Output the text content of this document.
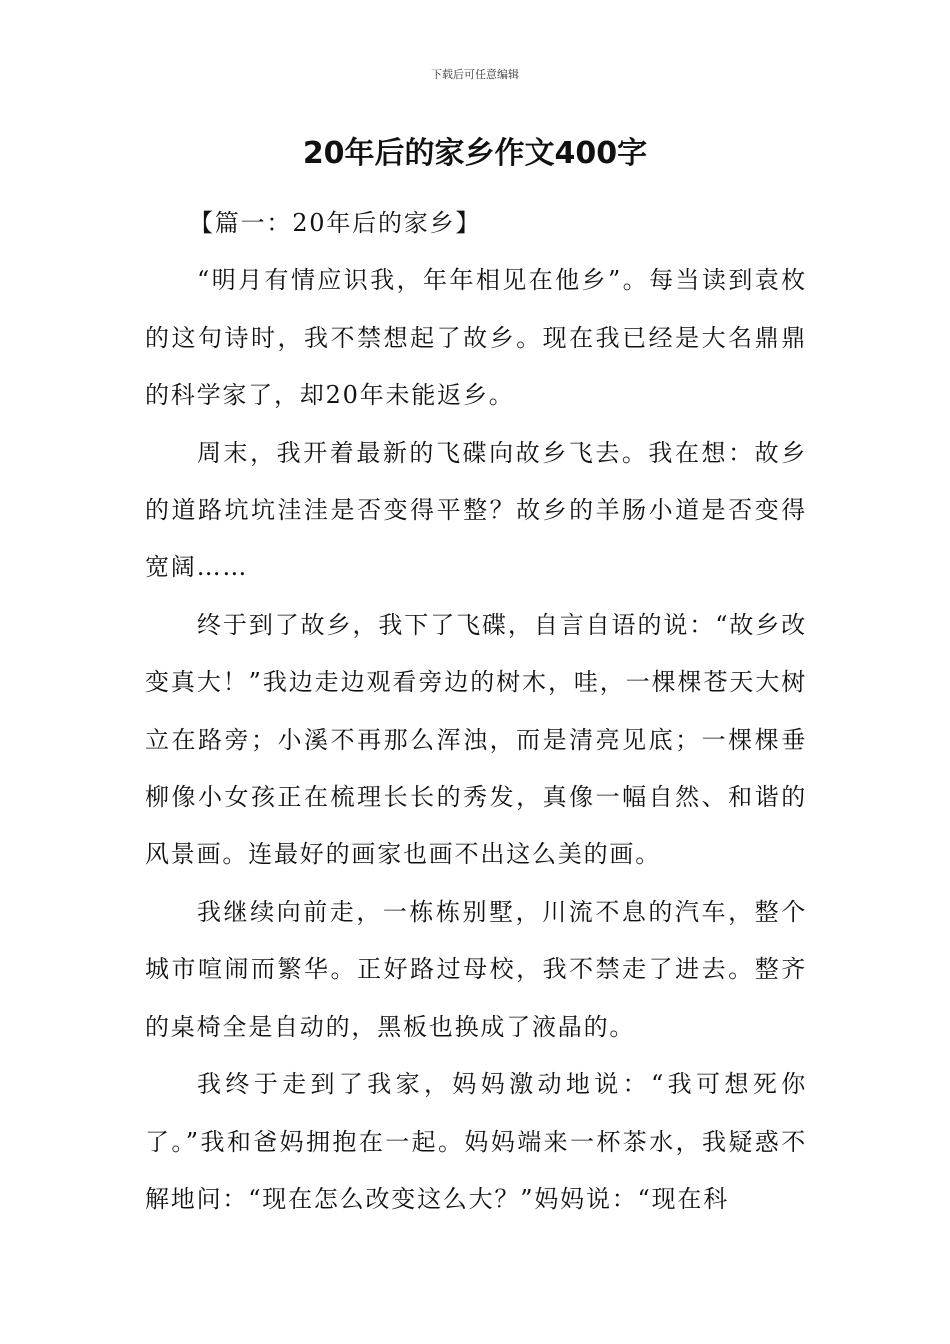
下载后可任意编辑
20年后的家乡作文400字

【篇一：20年后的家乡】

“明月有情应识我，年年相见在他乡”。每当读到袁枚的这句诗时，我不禁想起了故乡。现在我已经是大名鼎鼎的科学家了，却20年未能返乡。

周末，我开着最新的飞碟向故乡飞去。我在想：故乡的道路坑坑洼洼是否变得平整？故乡的羊肠小道是否变得宽阔……

终于到了故乡，我下了飞碟，自言自语的说：“故乡改变真大！”我边走边观看旁边的树木，哇，一棵棵苍天大树立在路旁；小溪不再那么浑浊，而是清亮见底；一棵棵垂柳像小女孩正在梳理长长的秀发，真像一幅自然、和谐的风景画。连最好的画家也画不出这么美的画。

我继续向前走，一栋栋别墅，川流不息的汽车，整个城市喧闹而繁华。正好路过母校，我不禁走了进去。整齐的桌椅全是自动的，黑板也换成了液晶的。

我终于走到了我家，妈妈激动地说：“我可想死你了。”我和爸妈拥抱在一起。妈妈端来一杯茶水，我疑惑不解地问：“现在怎么改变这么大？”妈妈说：“现在科
